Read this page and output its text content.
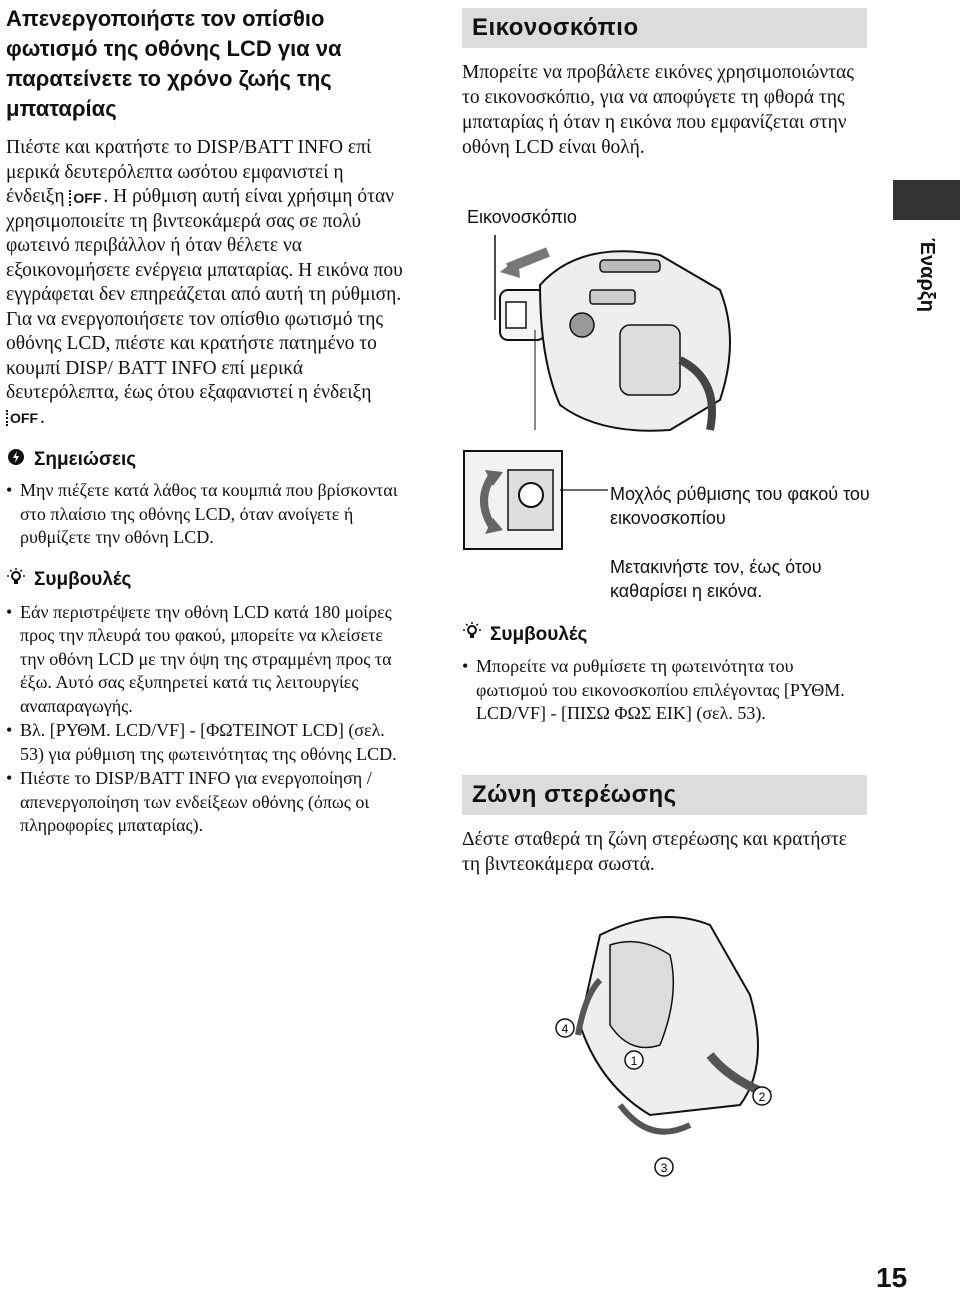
Απενεργοποιήστε τον οπίσθιο φωτισμό της οθόνης LCD για να παρατείνετε το χρόνο ζωής της μπαταρίας

Πιέστε και κρατήστε το DISP/BATT INFO επί μερικά δευτερόλεπτα ωσότου εμφανιστεί η ένδειξη OFF . Η ρύθμιση αυτή είναι χρήσιμη όταν χρησιμοποιείτε τη βιντεοκάμερά σας σε πολύ φωτεινό περιβάλλον ή όταν θέλετε να εξοικονομήσετε ενέργεια μπαταρίας. Η εικόνα που εγγράφεται δεν επηρεάζεται από αυτή τη ρύθμιση. Για να ενεργοποιήσετε τον οπίσθιο φωτισμό της οθόνης LCD, πιέστε και κρατήστε πατημένο το κουμπί DISP/ BATT INFO επί μερικά δευτερόλεπτα, έως ότου εξαφανιστεί η ένδειξη OFF .

Σημειώσεις
• Μην πιέζετε κατά λάθος τα κουμπιά που βρίσκονται στο πλαίσιο της οθόνης LCD, όταν ανοίγετε ή ρυθμίζετε την οθόνη LCD.
Συμβουλές
• Εάν περιστρέψετε την οθόνη LCD κατά 180 μοίρες προς την πλευρά του φακού, μπορείτε να κλείσετε την οθόνη LCD με την όψη της στραμμένη προς τα έξω. Αυτό σας εξυπηρετεί κατά τις λειτουργίες αναπαραγωγής.
• Βλ. [ΡΥΘΜ. LCD/VF] - [ΦΩΤΕΙΝΟΤ LCD] (σελ. 53) για ρύθμιση της φωτεινότητας της οθόνης LCD.
• Πιέστε το DISP/BATT INFO για ενεργοποίηση / απενεργοποίηση των ενδείξεων οθόνης (όπως οι πληροφορίες μπαταρίας).
Εικονοσκόπιο

Μπορείτε να προβάλετε εικόνες χρησιμοποιώντας το εικονοσκόπιο, για να αποφύγετε τη φθορά της μπαταρίας ή όταν η εικόνα που εμφανίζεται στην οθόνη LCD είναι θολή.

Εικονοσκόπιο
Μοχλός ρύθμισης του φακού του εικονοσκοπίου
Μετακινήστε τον, έως ότου καθαρίσει η εικόνα.
Συμβουλές
• Μπορείτε να ρυθμίσετε τη φωτεινότητα του φωτισμού του εικονοσκοπίου επιλέγοντας [ΡΥΘΜ. LCD/VF] - [ΠΙΣΩ ΦΩΣ ΕΙΚ] (σελ. 53).
Ζώνη στερέωσης

Δέστε σταθερά τη ζώνη στερέωσης και κρατήστε τη βιντεοκάμερα σωστά.

1
2
3
4
Έναρξη
15
